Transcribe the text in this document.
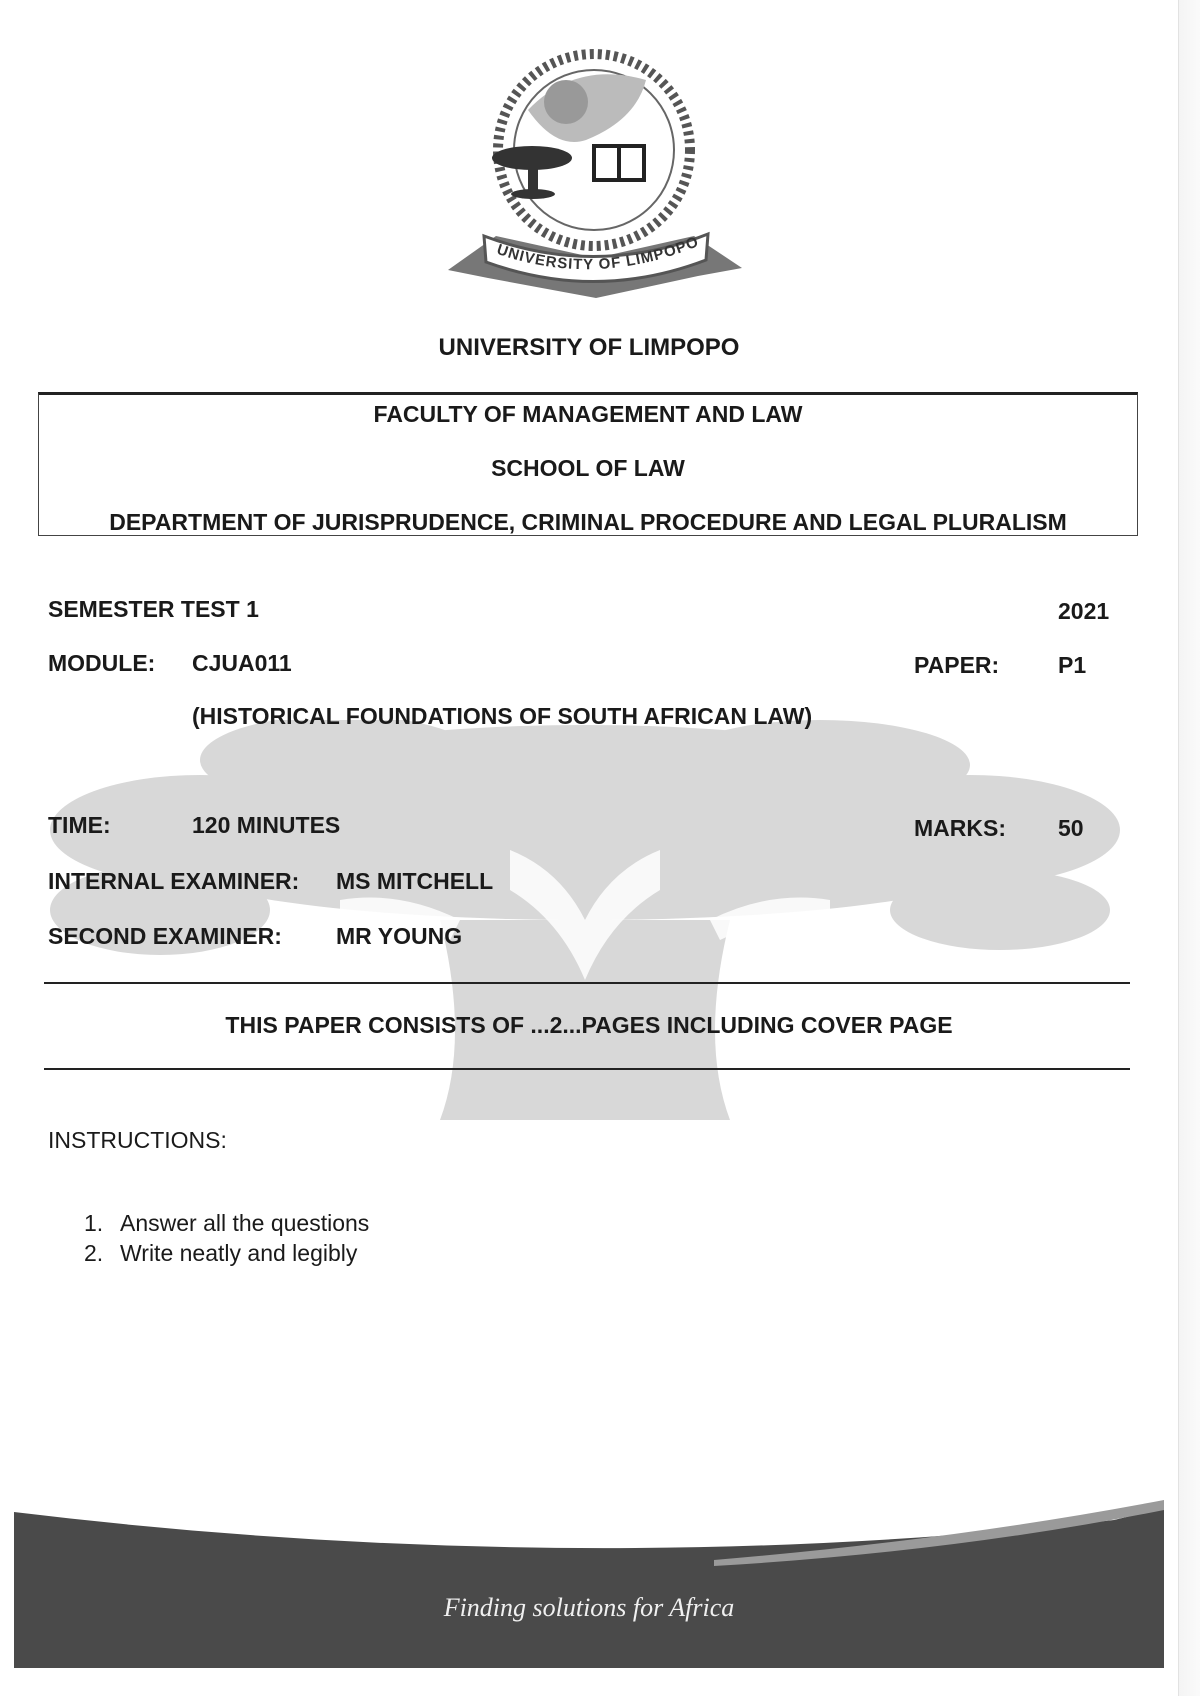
UNIVERSITY OF LIMPOPO
UNIVERSITY OF LIMPOPO
FACULTY OF MANAGEMENT AND LAW
SCHOOL OF LAW
DEPARTMENT OF JURISPRUDENCE, CRIMINAL PROCEDURE AND LEGAL PLURALISM
SEMESTER TEST 1	2021
MODULE: CJUA011	PAPER:	P1
(HISTORICAL FOUNDATIONS OF SOUTH AFRICAN LAW)
TIME:	120 MINUTES	MARKS: 50
INTERNAL EXAMINER: MS MITCHELL
SECOND EXAMINER: MR YOUNG
THIS PAPER CONSISTS OF ...2...PAGES INCLUDING COVER PAGE
INSTRUCTIONS:
1. Answer all the questions
2. Write neatly and legibly
Finding solutions for Africa
